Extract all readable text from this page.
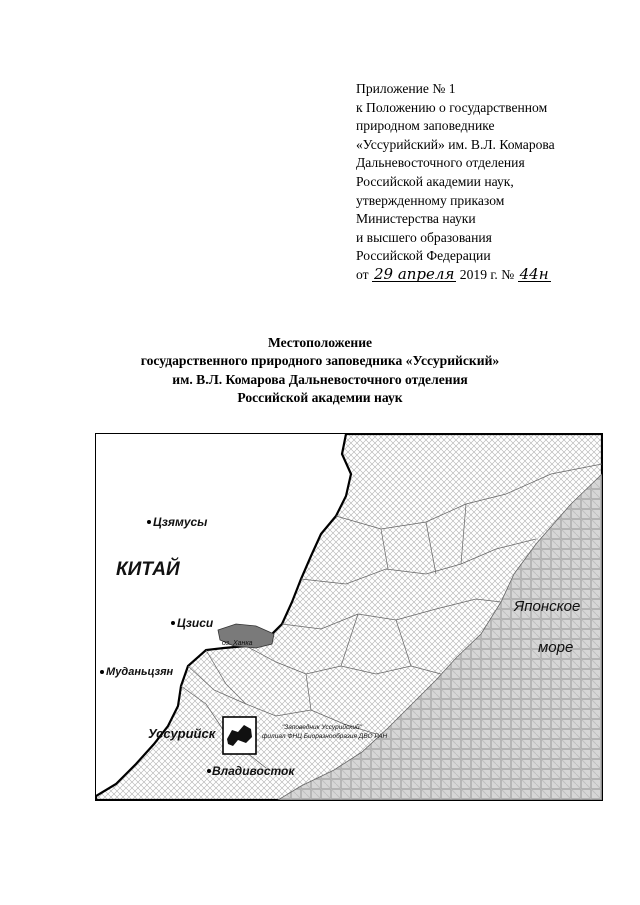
Приложение № 1
к Положению о государственном
природном заповеднике
«Уссурийский» им. В.Л. Комарова
Дальневосточного отделения
Российской академии наук,
утвержденному приказом
Министерства науки
и высшего образования
Российской Федерации
от 29 апреля 2019 г. № 44н
Местоположение
государственного природного заповедника «Уссурийский»
им. В.Л. Комарова Дальневосточного отделения
Российской академии наук
Цзямусы
КИТАЙ
Цзиси
оз. Ханка
Муданьцзян
Уссурийск
Владивосток
Японское
море
"Заповедник Уссурийский"
филиал ФНЦ Биоразнообразия ДВО РАН
